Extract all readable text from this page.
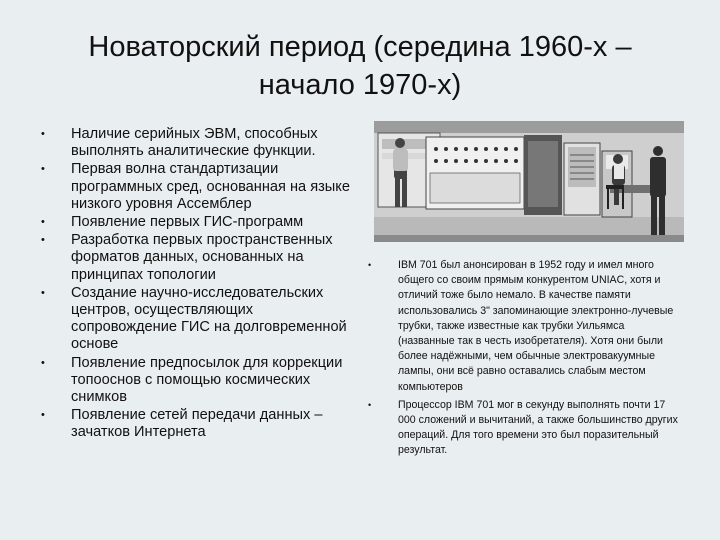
Новаторский период (середина 1960-х –
начало 1970-х)
• Наличие серийных ЭВМ, способных выполнять аналитические функции.
• Первая волна стандартизации программных сред, основанная на языке низкого уровня Ассемблер
• Появление первых ГИС-программ
• Разработка первых пространственных форматов данных, основанных на принципах топологии
• Создание научно-исследовательских центров, осуществляющих сопровождение ГИС на долговременной основе
• Появление предпосылок для коррекции топооснов с помощью космических снимков
• Появление сетей передачи данных – зачатков Интернета
•	IBM 701 был анонсирован в 1952 году и имел много общего со своим прямым конкурентом UNIAC, хотя и отличий тоже было немало. В качестве памяти использовались 3" запоминающие электронно-лучевые трубки, также известные как трубки Уильямса (названные так в честь изобретателя). Хотя они были более надёжными, чем обычные электровакуумные лампы, они всё равно оставались слабым местом компьютеров
•	Процессор IBM 701 мог в секунду выполнять почти 17 000 сложений и вычитаний, а также большинство других операций. Для того времени это был поразительный результат.
